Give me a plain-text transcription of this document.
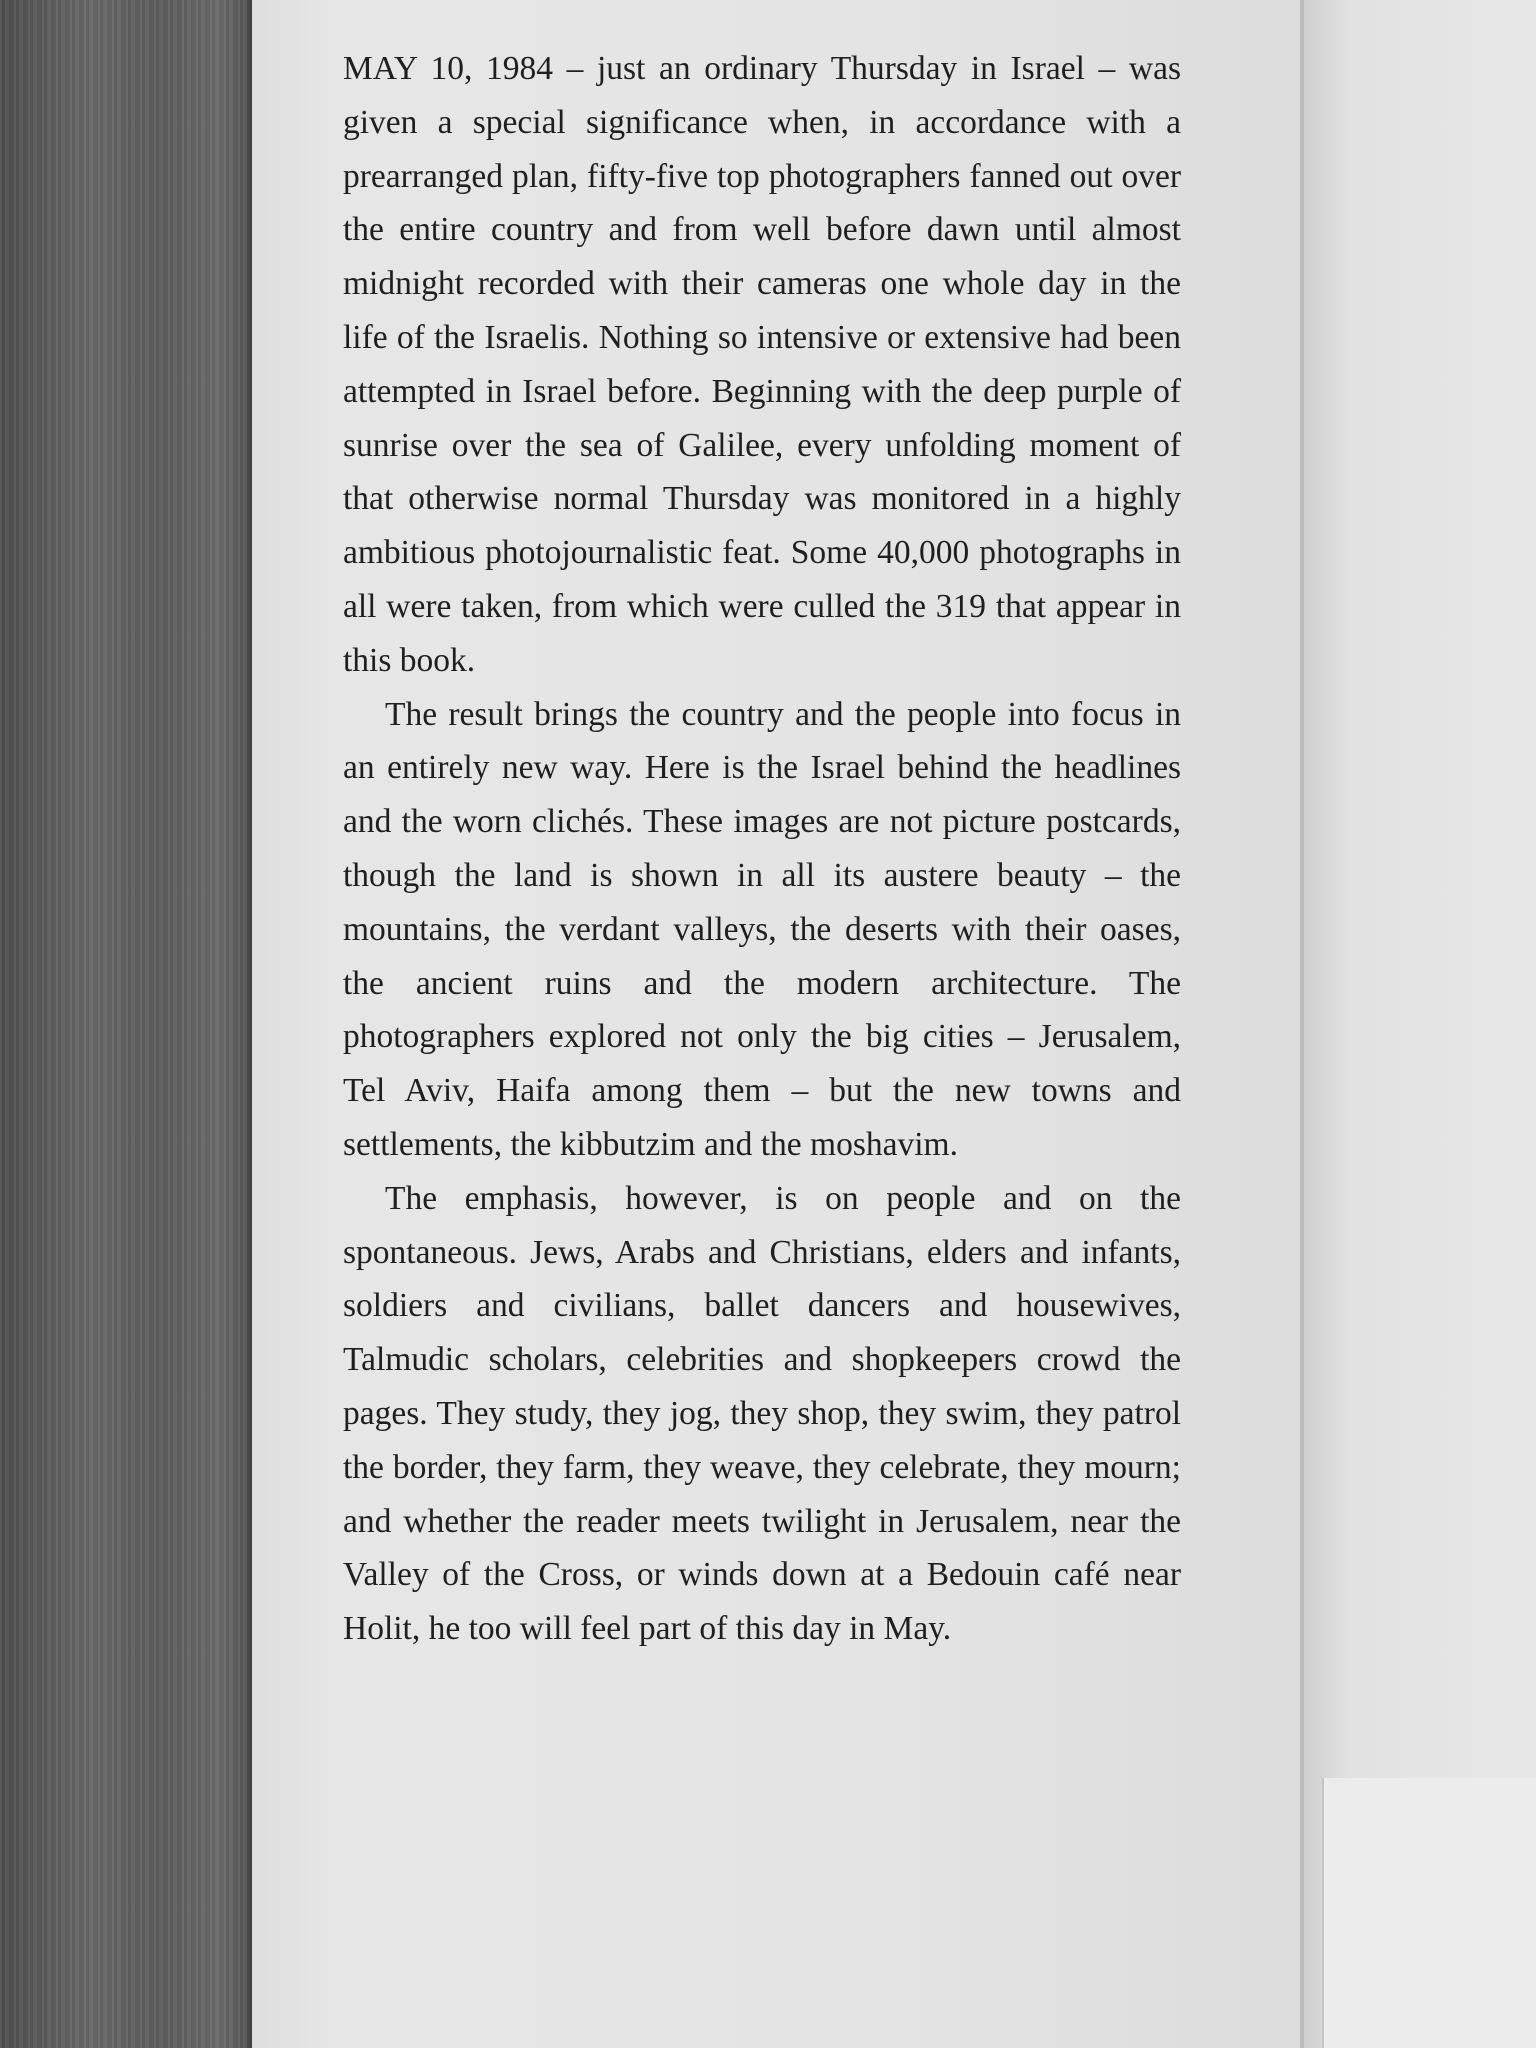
MAY 10, 1984 – just an ordinary Thursday in Israel – was given a special significance when, in accordance with a prearranged plan, fifty-five top photographers fanned out over the entire country and from well before dawn until almost midnight recorded with their cameras one whole day in the life of the Israelis. Nothing so intensive or extensive had been attempted in Israel before. Beginning with the deep purple of sunrise over the sea of Galilee, every unfolding moment of that otherwise normal Thursday was monitored in a highly ambitious photojournalistic feat. Some 40,000 photographs in all were taken, from which were culled the 319 that appear in this book.

The result brings the country and the people into focus in an entirely new way. Here is the Israel behind the headlines and the worn clichés. These images are not picture postcards, though the land is shown in all its austere beauty – the mountains, the verdant valleys, the deserts with their oases, the ancient ruins and the modern architecture. The photographers explored not only the big cities – Jerusalem, Tel Aviv, Haifa among them – but the new towns and settlements, the kibbutzim and the moshavim.

The emphasis, however, is on people and on the spontaneous. Jews, Arabs and Christians, elders and infants, soldiers and civilians, ballet dancers and housewives, Talmudic scholars, celebrities and shopkeepers crowd the pages. They study, they jog, they shop, they swim, they patrol the border, they farm, they weave, they celebrate, they mourn; and whether the reader meets twilight in Jerusalem, near the Valley of the Cross, or winds down at a Bedouin café near Holit, he too will feel part of this day in May.
